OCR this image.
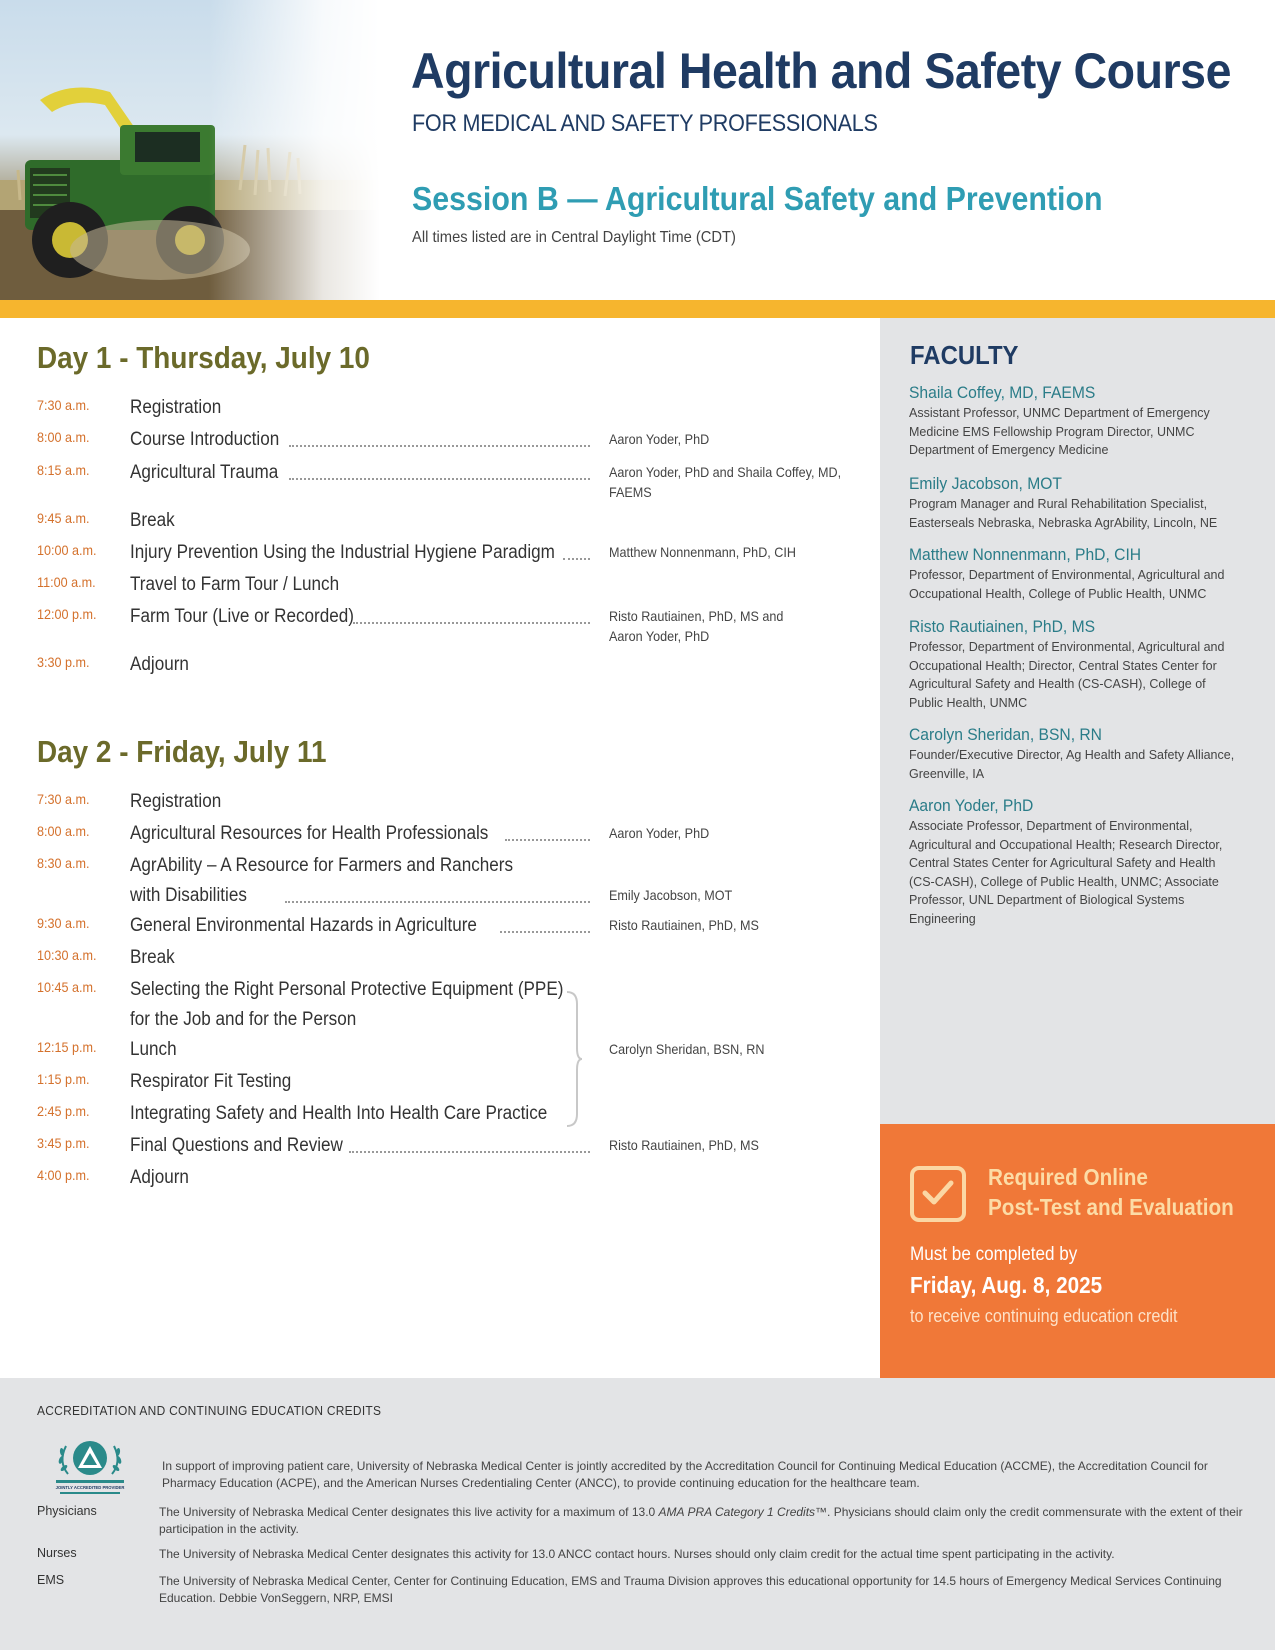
Agricultural Health and Safety Course
FOR MEDICAL AND SAFETY PROFESSIONALS
Session B — Agricultural Safety and Prevention
All times listed are in Central Daylight Time (CDT)
Day 1 - Thursday, July 10
7:30 a.m. Registration
8:00 a.m. Course Introduction	Aaron Yoder, PhD
8:15 a.m. Agricultural Trauma	Aaron Yoder, PhD and Shaila Coffey, MD,
FAEMS
9:45 a.m. Break
10:00 a.m. Injury Prevention Using the Industrial Hygiene Paradigm	Matthew Nonnenmann, PhD, CIH
11:00 a.m. Travel to Farm Tour / Lunch
12:00 p.m. Farm Tour (Live or Recorded)	Risto Rautiainen, PhD, MS and
Aaron Yoder, PhD
3:30 p.m. Adjourn
Day 2 - Friday, July 11
7:30 a.m. Registration
8:00 a.m. Agricultural Resources for Health Professionals	Aaron Yoder, PhD
8:30 a.m. AgrAbility – A Resource for Farmers and Ranchers
with Disabilities	Emily Jacobson, MOT
9:30 a.m. General Environmental Hazards in Agriculture	Risto Rautiainen, PhD, MS
10:30 a.m. Break
10:45 a.m. Selecting the Right Personal Protective Equipment (PPE)
for the Job and for the Person
12:15 p.m. Lunch	Carolyn Sheridan, BSN, RN
1:15 p.m. Respirator Fit Testing
2:45 p.m. Integrating Safety and Health Into Health Care Practice
3:45 p.m. Final Questions and Review	Risto Rautiainen, PhD, MS
4:00 p.m. Adjourn
FACULTY
Shaila Coffey, MD, FAEMS
Assistant Professor, UNMC Department of Emergency Medicine EMS Fellowship Program Director, UNMC Department of Emergency Medicine
Emily Jacobson, MOT
Program Manager and Rural Rehabilitation Specialist, Easterseals Nebraska, Nebraska AgrAbility, Lincoln, NE
Matthew Nonnenmann, PhD, CIH
Professor, Department of Environmental, Agricultural and Occupational Health, College of Public Health, UNMC
Risto Rautiainen, PhD, MS
Professor, Department of Environmental, Agricultural and Occupational Health; Director, Central States Center for Agricultural Safety and Health (CS-CASH), College of Public Health, UNMC
Carolyn Sheridan, BSN, RN
Founder/Executive Director, Ag Health and Safety Alliance, Greenville, IA
Aaron Yoder, PhD
Associate Professor, Department of Environmental, Agricultural and Occupational Health; Research Director, Central States Center for Agricultural Safety and Health (CS-CASH), College of Public Health, UNMC; Associate Professor, UNL Department of Biological Systems Engineering
Required Online
Post-Test and Evaluation
Must be completed by
Friday, Aug. 8, 2025
to receive continuing education credit
ACCREDITATION AND CONTINUING EDUCATION CREDITS
JOINTLY ACCREDITED PROVIDER
In support of improving patient care, University of Nebraska Medical Center is jointly accredited by the Accreditation Council for Continuing Medical Education (ACCME), the Accreditation Council for Pharmacy Education (ACPE), and the American Nurses Credentialing Center (ANCC), to provide continuing education for the healthcare team.
Physicians	The University of Nebraska Medical Center designates this live activity for a maximum of 13.0 AMA PRA Category 1 Credits™. Physicians should claim only the credit commensurate with the extent of their participation in the activity.
Nurses	The University of Nebraska Medical Center designates this activity for 13.0 ANCC contact hours. Nurses should only claim credit for the actual time spent participating in the activity.
EMS	The University of Nebraska Medical Center, Center for Continuing Education, EMS and Trauma Division approves this educational opportunity for 14.5 hours of Emergency Medical Services Continuing Education. Debbie VonSeggern, NRP, EMSI
